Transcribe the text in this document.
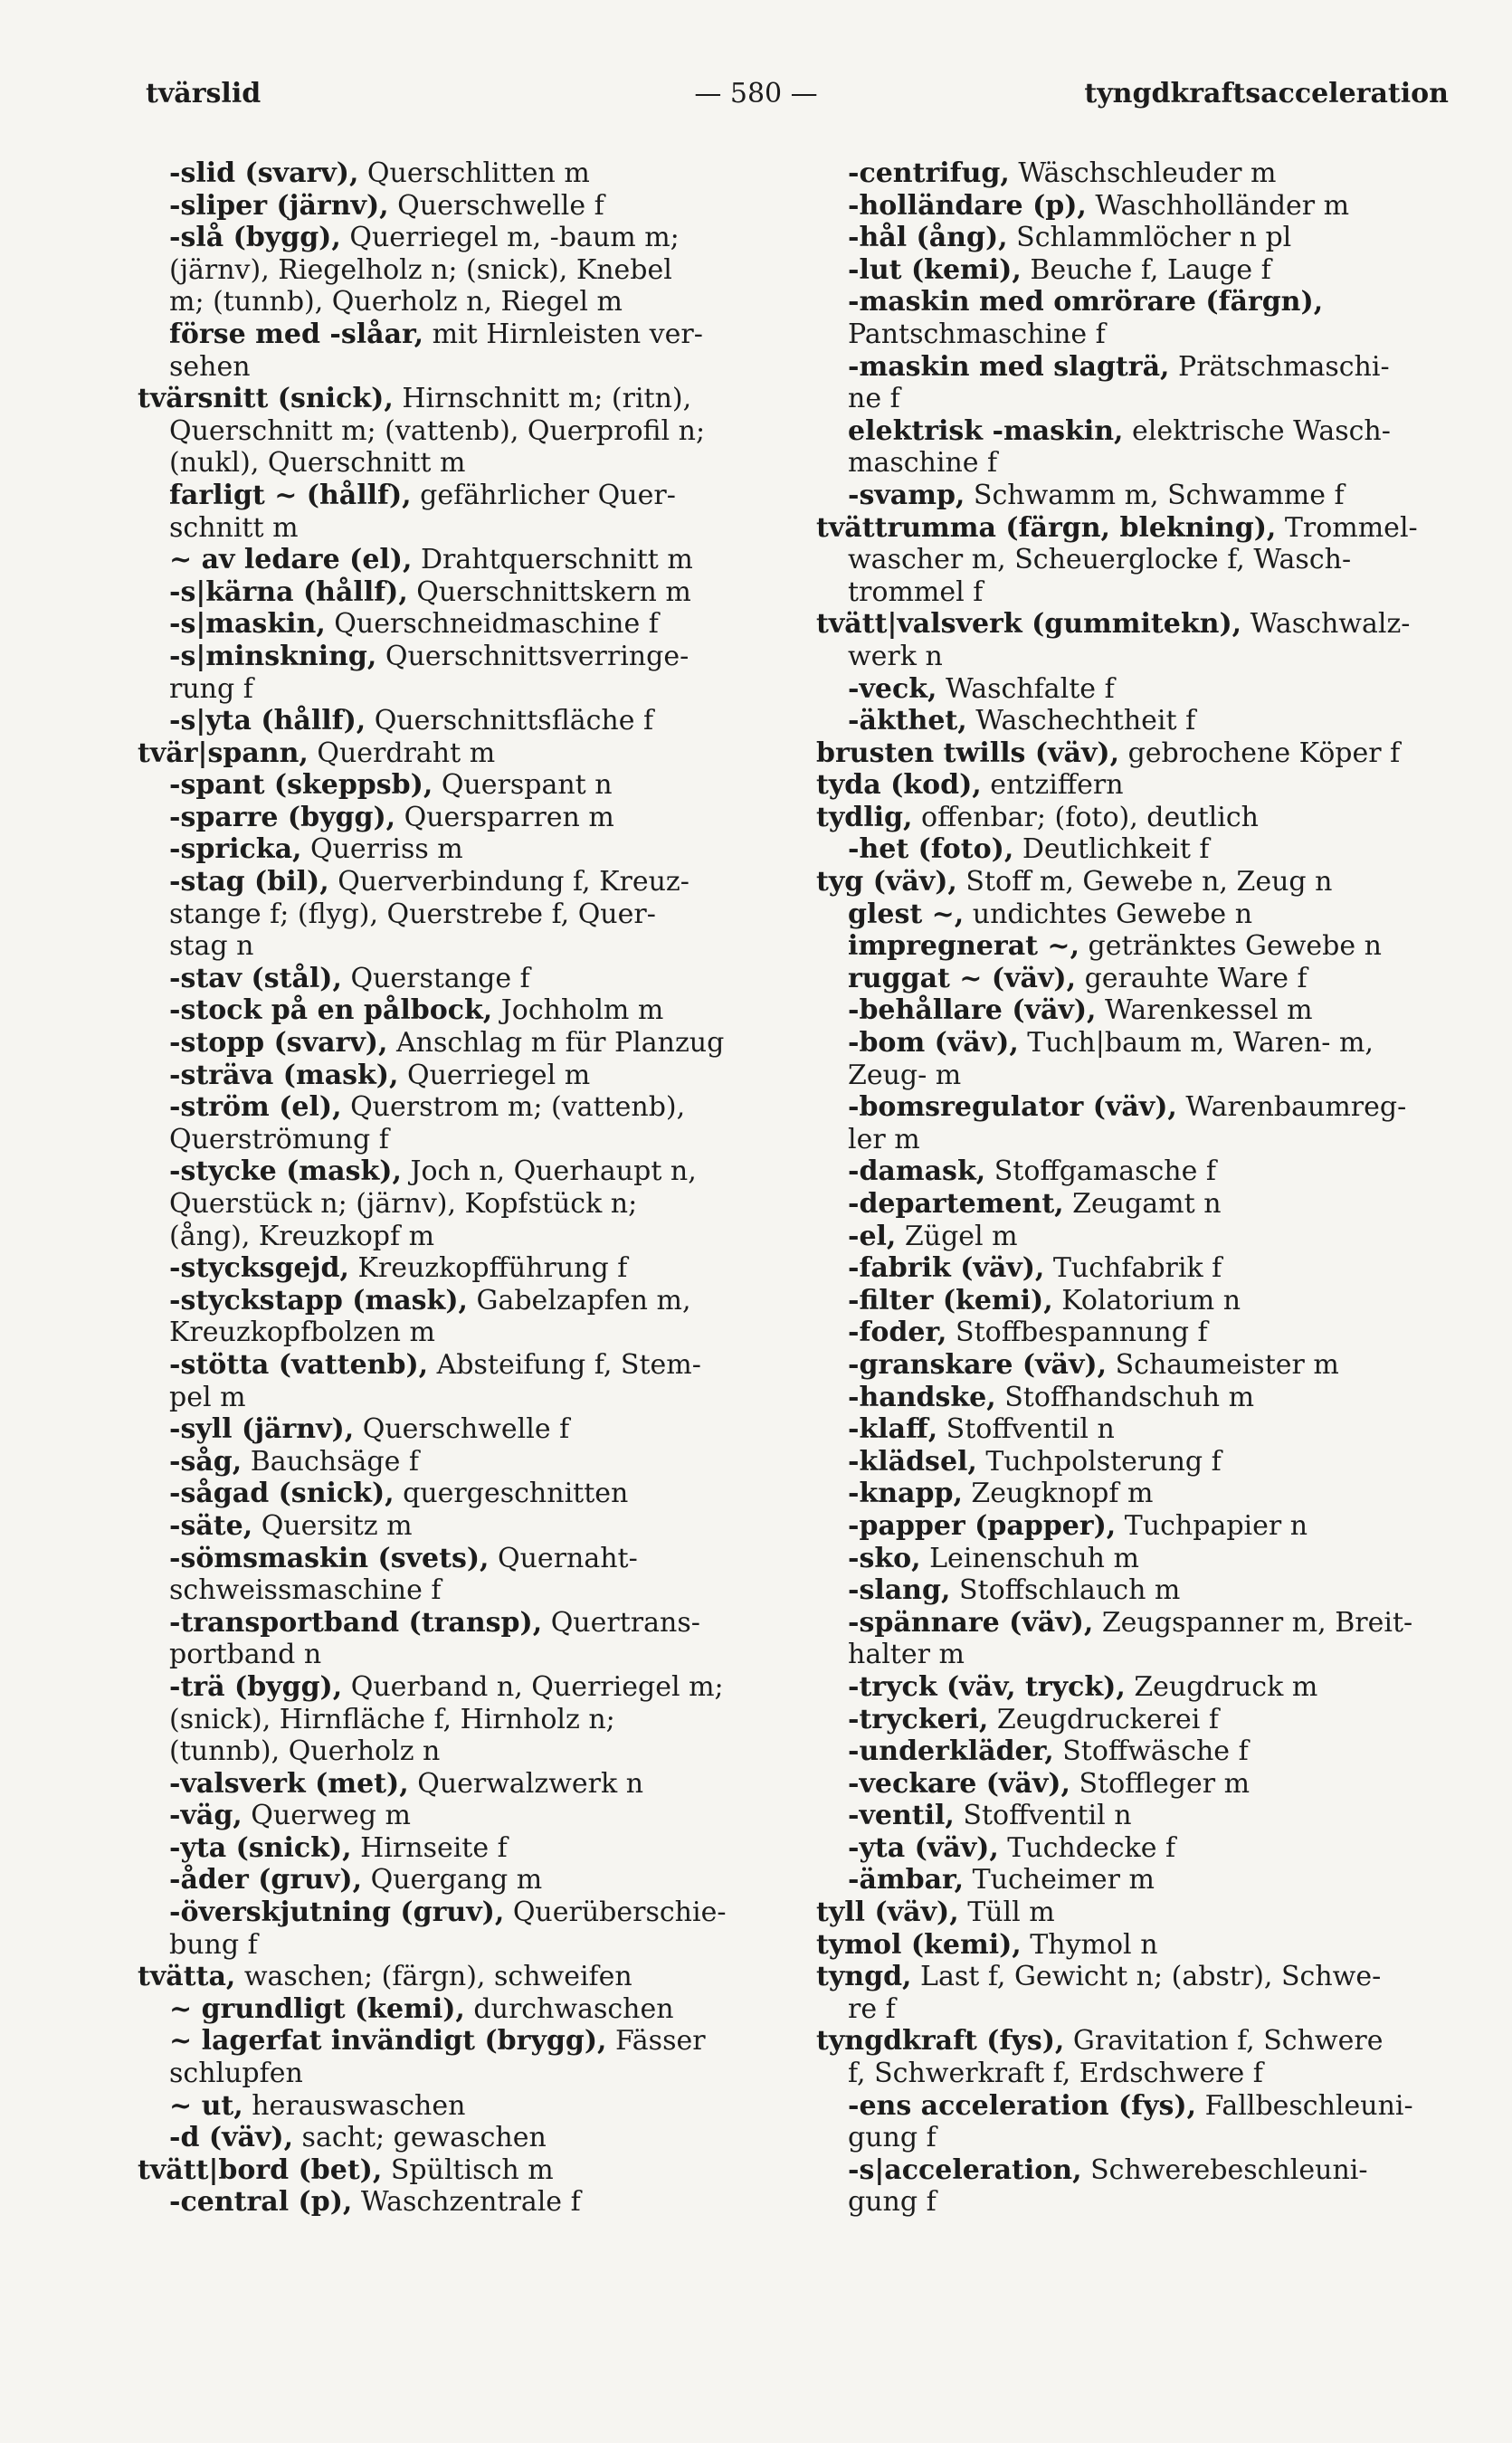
tvärslid	— 580 —	tyngdkraftsacceleration
-slid (svarv), Querschlitten m
-sliper (järnv), Querschwelle f
-slå (bygg), Querriegel m, -baum m;
(järnv), Riegelholz n; (snick), Knebel
m; (tunnb), Querholz n, Riegel m
förse med -slåar, mit Hirnleisten ver-
sehen
tvärsnitt (snick), Hirnschnitt m; (ritn),
Querschnitt m; (vattenb), Querprofil n;
(nukl), Querschnitt m
farligt ~ (hållf), gefährlicher Quer-
schnitt m
~ av ledare (el), Drahtquerschnitt m
-s|kärna (hållf), Querschnittskern m
-s|maskin, Querschneidmaschine f
-s|minskning, Querschnittsverringe-
rung f
-s|yta (hållf), Querschnittsfläche f
tvär|spann, Querdraht m
-spant (skeppsb), Querspant n
-sparre (bygg), Quersparren m
-spricka, Querriss m
-stag (bil), Querverbindung f, Kreuz-
stange f; (flyg), Querstrebe f, Quer-
stag n
-stav (stål), Querstange f
-stock på en pålbock, Jochholm m
-stopp (svarv), Anschlag m für Planzug
-sträva (mask), Querriegel m
-ström (el), Querstrom m; (vattenb),
Querströmung f
-stycke (mask), Joch n, Querhaupt n,
Querstück n; (järnv), Kopfstück n;
(ång), Kreuzkopf m
-stycksgejd, Kreuzkopfführung f
-styckstapp (mask), Gabelzapfen m,
Kreuzkopfbolzen m
-stötta (vattenb), Absteifung f, Stem-
pel m
-syll (järnv), Querschwelle f
-såg, Bauchsäge f
-sågad (snick), quergeschnitten
-säte, Quersitz m
-sömsmaskin (svets), Quernaht-
schweissmaschine f
-transportband (transp), Quertrans-
portband n
-trä (bygg), Querband n, Querriegel m;
(snick), Hirnfläche f, Hirnholz n;
(tunnb), Querholz n
-valsverk (met), Querwalzwerk n
-väg, Querweg m
-yta (snick), Hirnseite f
-åder (gruv), Quergang m
-överskjutning (gruv), Querüberschie-
bung f
tvätta, waschen; (färgn), schweifen
~ grundligt (kemi), durchwaschen
~ lagerfat invändigt (brygg), Fässer
schlupfen
~ ut, herauswaschen
-d (väv), sacht; gewaschen
tvätt|bord (bet), Spültisch m
-central (p), Waschzentrale f
-centrifug, Wäschschleuder m
-holländare (p), Waschholländer m
-hål (ång), Schlammlöcher n pl
-lut (kemi), Beuche f, Lauge f
-maskin med omrörare (färgn),
Pantschmaschine f
-maskin med slagträ, Prätschmaschi-
ne f
elektrisk -maskin, elektrische Wasch-
maschine f
-svamp, Schwamm m, Schwamme f
tvättrumma (färgn, blekning), Trommel-
wascher m, Scheuerglocke f, Wasch-
trommel f
tvätt|valsverk (gummitekn), Waschwalz-
werk n
-veck, Waschfalte f
-äkthet, Waschechtheit f
brusten twills (väv), gebrochene Köper f
tyda (kod), entziffern
tydlig, offenbar; (foto), deutlich
-het (foto), Deutlichkeit f
tyg (väv), Stoff m, Gewebe n, Zeug n
glest ~, undichtes Gewebe n
impregnerat ~, getränktes Gewebe n
ruggat ~ (väv), gerauhte Ware f
-behållare (väv), Warenkessel m
-bom (väv), Tuch|baum m, Waren- m,
Zeug- m
-bomsregulator (väv), Warenbaumreg-
ler m
-damask, Stoffgamasche f
-departement, Zeugamt n
-el, Zügel m
-fabrik (väv), Tuchfabrik f
-filter (kemi), Kolatorium n
-foder, Stoffbespannung f
-granskare (väv), Schaumeister m
-handske, Stoffhandschuh m
-klaff, Stoffventil n
-klädsel, Tuchpolsterung f
-knapp, Zeugknopf m
-papper (papper), Tuchpapier n
-sko, Leinenschuh m
-slang, Stoffschlauch m
-spännare (väv), Zeugspanner m, Breit-
halter m
-tryck (väv, tryck), Zeugdruck m
-tryckeri, Zeugdruckerei f
-underkläder, Stoffwäsche f
-veckare (väv), Stoffleger m
-ventil, Stoffventil n
-yta (väv), Tuchdecke f
-ämbar, Tucheimer m
tyll (väv), Tüll m
tymol (kemi), Thymol n
tyngd, Last f, Gewicht n; (abstr), Schwe-
re f
tyngdkraft (fys), Gravitation f, Schwere
f, Schwerkraft f, Erdschwere f
-ens acceleration (fys), Fallbeschleuni-
gung f
-s|acceleration, Schwerebeschleuni-
gung f
